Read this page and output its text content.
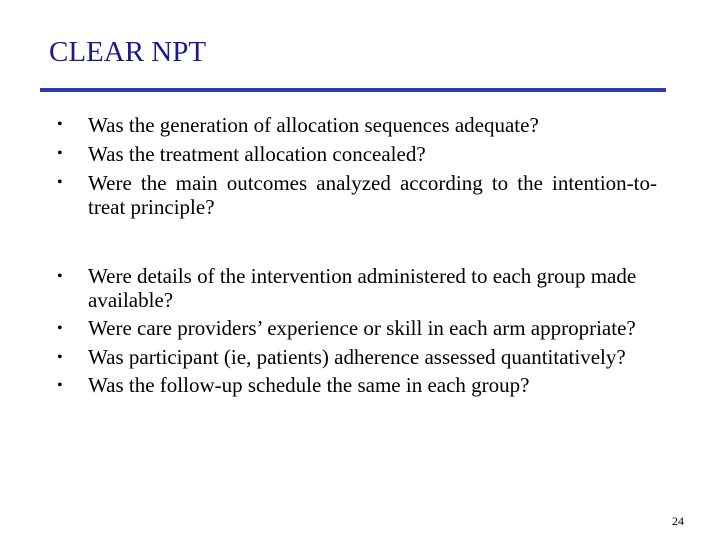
CLEAR NPT
• Was the generation of allocation sequences adequate?
• Was the treatment allocation concealed?
• Were the main outcomes analyzed according to the intention-to-treat principle?
• Were details of the intervention administered to each group made available?
• Were care providers’ experience or skill in each arm appropriate?
• Was participant (ie, patients) adherence assessed quantitatively?
• Was the follow-up schedule the same in each group?
24
